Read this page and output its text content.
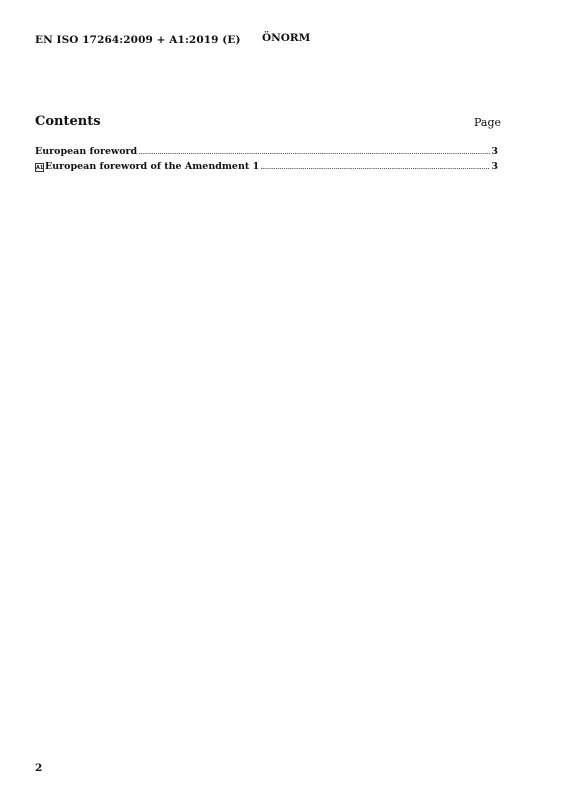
EN ISO 17264:2009 + A1:2019 (E) ÖNORM
Contents	Page
European foreword .....	3
A1 European foreword of the Amendment 1 .....	3
2
